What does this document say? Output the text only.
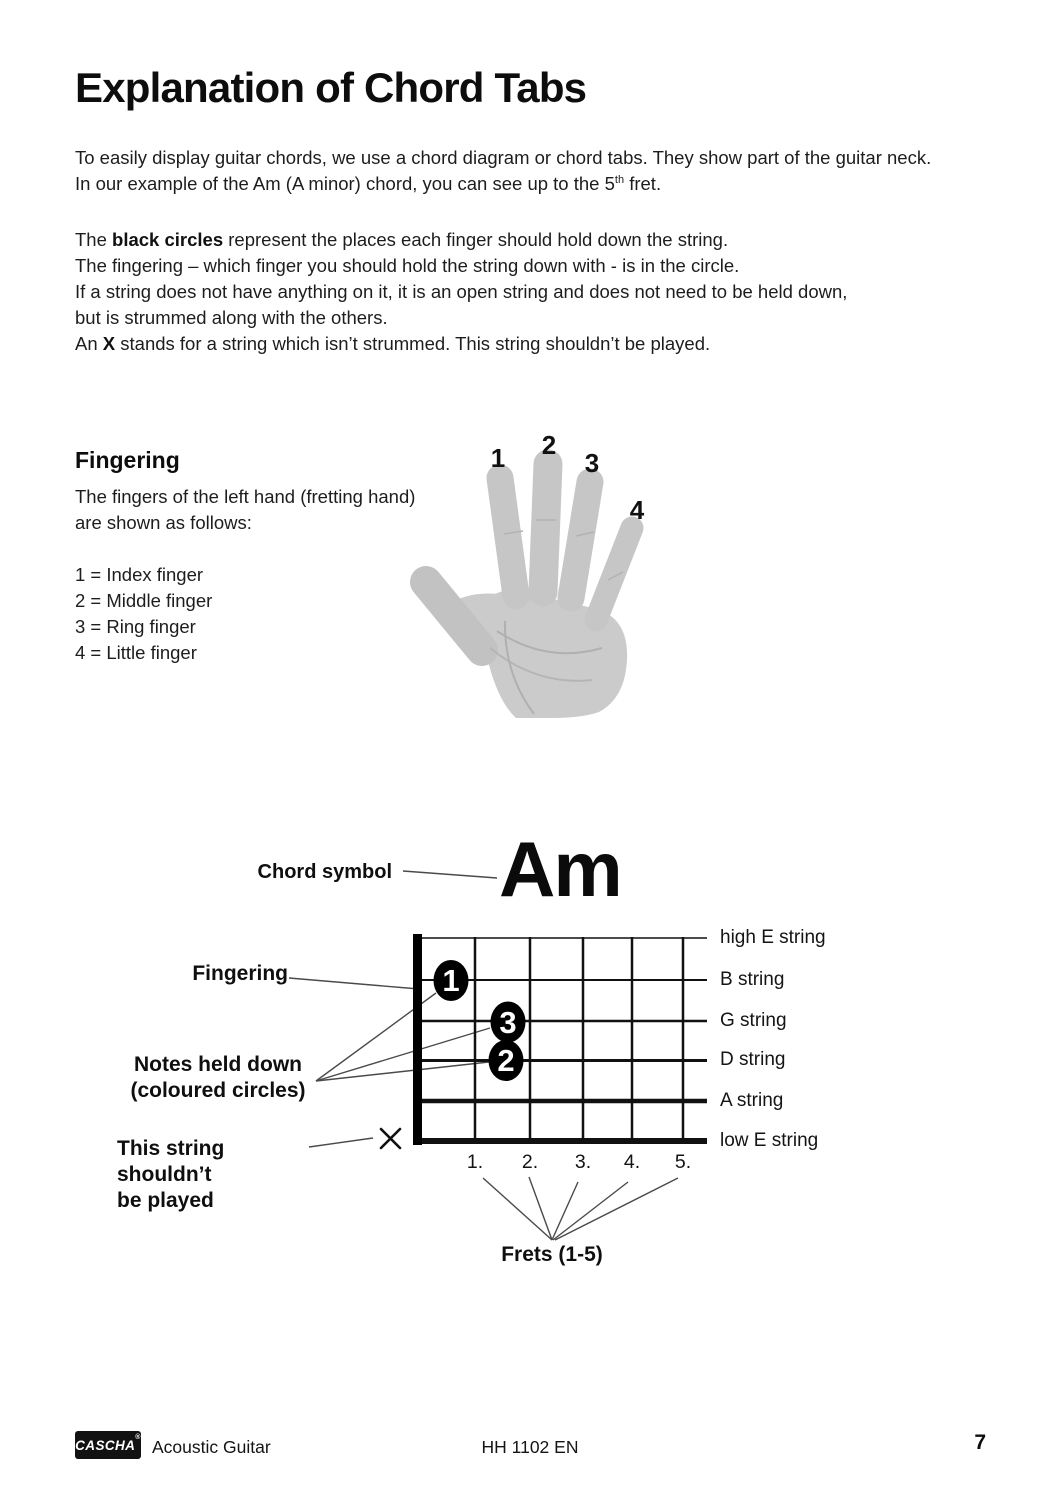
Explanation of Chord Tabs

To easily display guitar chords, we use a chord diagram or chord tabs. They show part of the guitar neck.
In our example of the Am (A minor) chord, you can see up to the 5th fret.

The black circles represent the places each finger should hold down the string.
The fingering – which finger you should hold the string down with - is in the circle.
If a string does not have anything on it, it is an open string and does not need to be held down,
but is strummed along with the others.
An X stands for a string which isn’t strummed. This string shouldn’t be played.

Fingering

The fingers of the left hand (fretting hand)
are shown as follows:

1 = Index finger
2 = Middle finger
3 = Ring finger
4 = Little finger

1 2
3
4
1
3
2

Chord symbol Am

Fingering

Notes held down
(coloured circles)

This string shouldn’t
be played

high E string
B string
G string
D string
A string
low E string
1.	2.	3.	4.	5.

Frets (1-5)

CASCHA ® Acoustic Guitar	HH 1102 EN	7
